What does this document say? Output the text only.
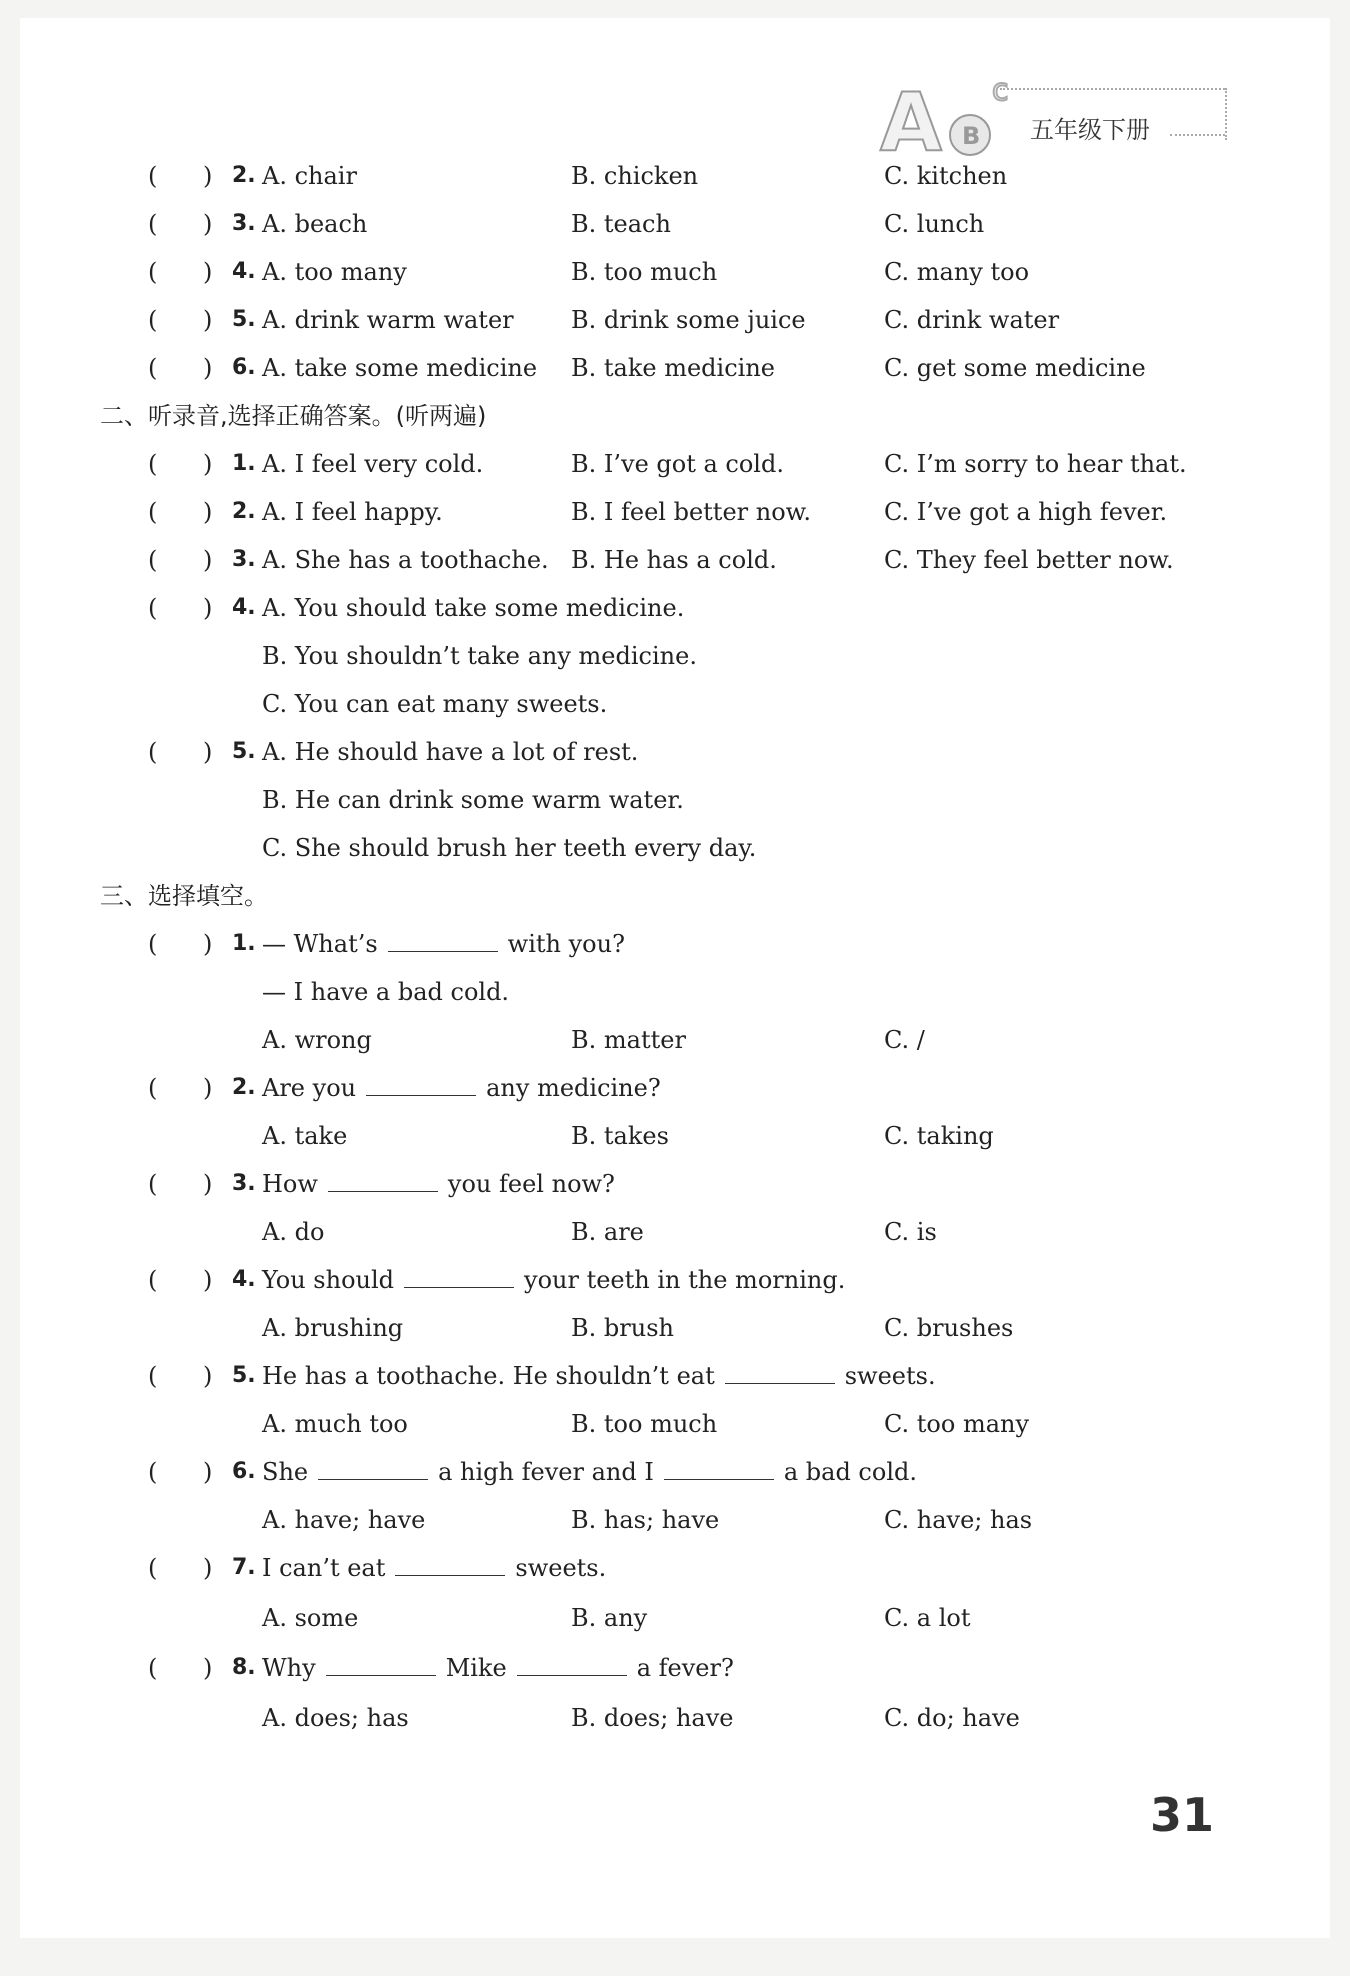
A B
c
五年级下册
( ) 2. A. chair	B. chicken	C. kitchen
( ) 3. A. beach	B. teach	C. lunch
( ) 4. A. too many	B. too much	C. many too
( ) 5. A. drink warm water B. drink some juice	C. drink water
( ) 6. A. take some medicine B. take medicine	C. get some medicine
二、听录音,选择正确答案。(听两遍)
( ) 1. A. I feel very cold.	B. I’ve got a cold.	C. I’m sorry to hear that.
( ) 2. A. I feel happy.	B. I feel better now.	C. I’ve got a high fever.
( ) 3. A. She has a toothache. B. He has a cold.	C. They feel better now.
( ) 4. A. You should take some medicine.
B. You shouldn’t take any medicine.
C. You can eat many sweets.
( ) 5. A. He should have a lot of rest.
B. He can drink some warm water.
C. She should brush her teeth every day.
三、选择填空。
( ) 1. — What’s	with you?
— I have a bad cold.
A. wrong	B. matter	C. /
( ) 2. Are you	any medicine?
A. take	B. takes	C. taking
( ) 3. How	you feel now?
A. do	B. are	C. is
( ) 4. You should	your teeth in the morning.
A. brushing	B. brush	C. brushes
( ) 5. He has a toothache. He shouldn’t eat	sweets.
A. much too	B. too much	C. too many
( ) 6. She	a high fever and I	a bad cold.
A. have; have	B. has; have	C. have; has
( ) 7. I can’t eat	sweets.
A. some	B. any	C. a lot
( ) 8. Why	Mike	a fever?
A. does; has	B. does; have	C. do; have
31
